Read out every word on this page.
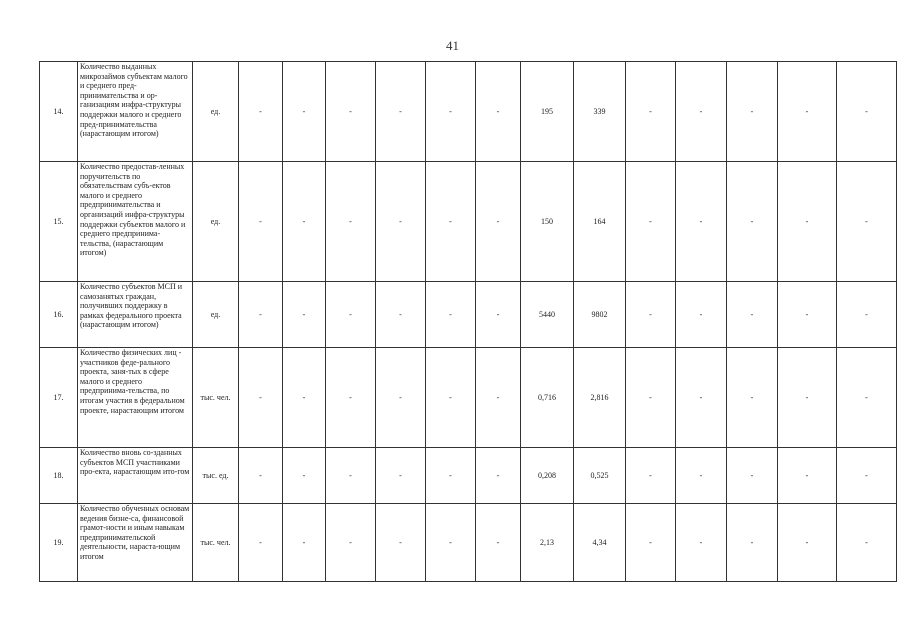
41
14.	Количество выданных микрозаймов субъектам малого и среднего пред-принимательства и ор-ганизациям инфра-структуры поддержки малого и среднего пред-принимательства (нарастающим итогом)	ед.	-	-	-	-	-	-	195	339	-	-	-	-	-
15.	Количество предостав-ленных поручительств по обязательствам субъ-ектов малого и среднего предпринимательства и организаций инфра-структуры поддержки субъектов малого и среднего предпринима-тельства, (нарастающим итогом)	ед.	-	-	-	-	-	-	150	164	-	-	-	-	-
16.	Количество субъектов МСП и самозанятых граждан, получивших поддержку в рамках федерального проекта (нарастающим итогом)	ед.	-	-	-	-	-	-	5440	9802	-	-	-	-	-
17.	Количество физических лиц - участников феде-рального проекта, заня-тых в сфере малого и среднего предпринима-тельства, по итогам участия в федеральном проекте, нарастающим итогом	тыс. чел.	-	-	-	-	-	-	0,716	2,816	-	-	-	-	-
18.	Количество вновь со-зданных субъектов МСП участниками про-екта, нарастающим ито-гом	тыс. ед.	-	-	-	-	-	-	0,208	0,525	-	-	-	-	-
19.	Количество обученных основам ведения бизне-са, финансовой грамот-ности и иным навыкам предпринимательской деятельности, нараста-ющим итогом	тыс. чел.	-	-	-	-	-	-	2,13	4,34	-	-	-	-	-
